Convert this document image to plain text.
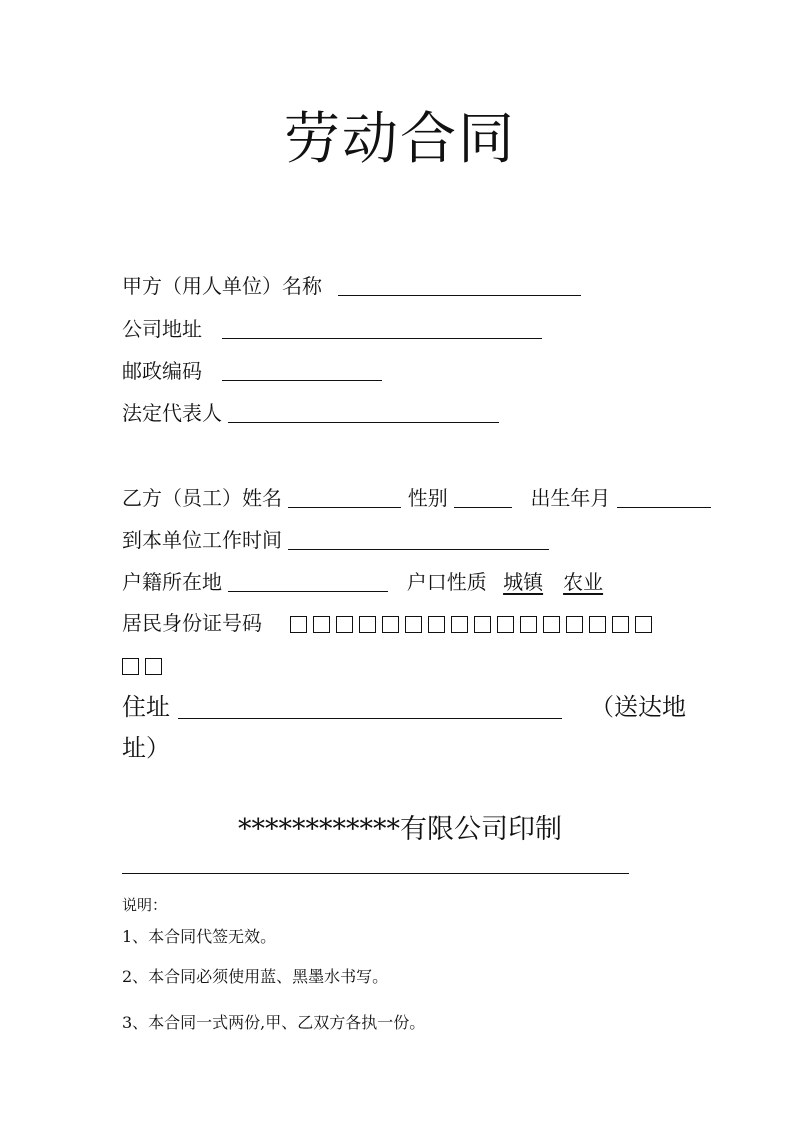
劳动合同
甲方（用人单位）名称
公司地址
邮政编码
法定代表人
乙方（员工）姓名	性别	出生年月
到本单位工作时间
户籍所在地	户口性质 城镇 农业
居民身份证号码
住址	（送达地
址）
************有限公司印制
说明：
1、本合同代签无效。
2、本合同必须使用蓝、黑墨水书写。
3、本合同一式两份,甲、乙双方各执一份。
